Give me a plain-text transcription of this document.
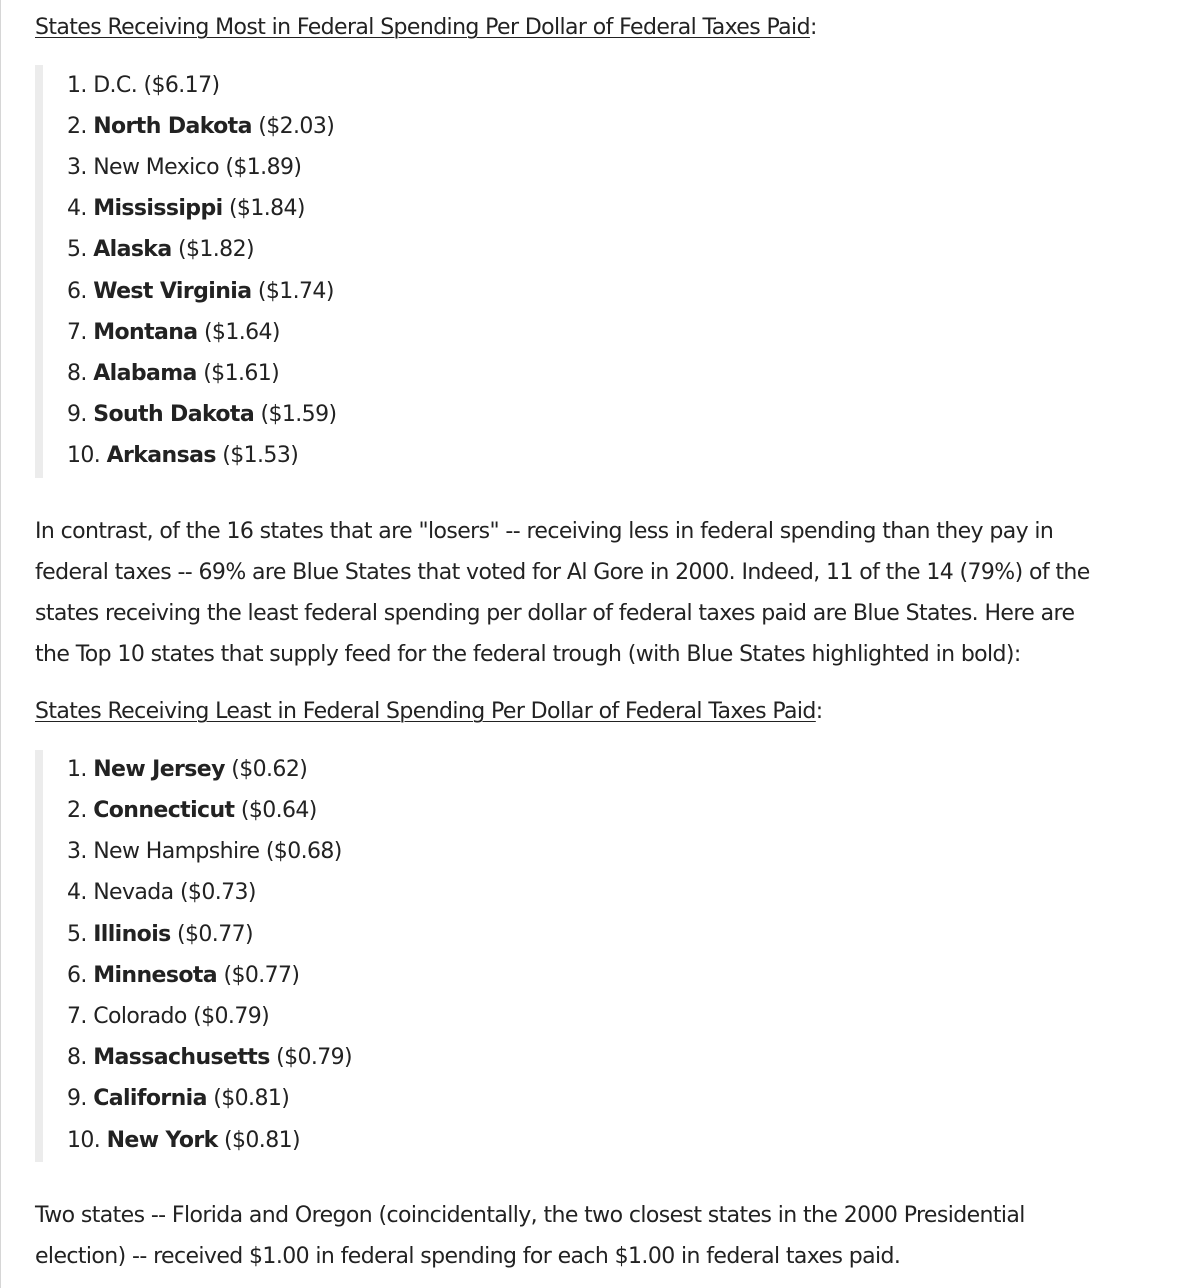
States Receiving Most in Federal Spending Per Dollar of Federal Taxes Paid:
1. D.C. ($6.17)
2. North Dakota ($2.03)
3. New Mexico ($1.89)
4. Mississippi ($1.84)
5. Alaska ($1.82)
6. West Virginia ($1.74)
7. Montana ($1.64)
8. Alabama ($1.61)
9. South Dakota ($1.59)
10. Arkansas ($1.53)
In contrast, of the 16 states that are "losers" -- receiving less in federal spending than they pay in
federal taxes -- 69% are Blue States that voted for Al Gore in 2000. Indeed, 11 of the 14 (79%) of the
states receiving the least federal spending per dollar of federal taxes paid are Blue States. Here are
the Top 10 states that supply feed for the federal trough (with Blue States highlighted in bold):
States Receiving Least in Federal Spending Per Dollar of Federal Taxes Paid:
1. New Jersey ($0.62)
2. Connecticut ($0.64)
3. New Hampshire ($0.68)
4. Nevada ($0.73)
5. Illinois ($0.77)
6. Minnesota ($0.77)
7. Colorado ($0.79)
8. Massachusetts ($0.79)
9. California ($0.81)
10. New York ($0.81)
Two states -- Florida and Oregon (coincidentally, the two closest states in the 2000 Presidential
election) -- received $1.00 in federal spending for each $1.00 in federal taxes paid.
